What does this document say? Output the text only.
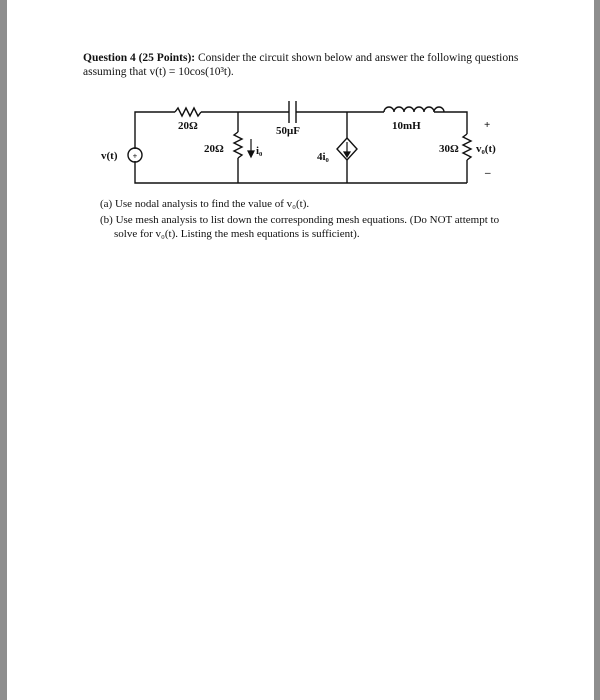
Question 4 (25 Points): Consider the circuit shown below and answer the following questions
assuming that v(t) = 10cos(10³t).
+
20Ω
20Ω	i₀
50μF
4i₀
10mH
30Ω v₀(t)
v(t)
+
–
(a) Use nodal analysis to find the value of v₀(t).
(b) Use mesh analysis to list down the corresponding mesh equations. (Do NOT attempt to
solve for v₀(t). Listing the mesh equations is sufficient).
